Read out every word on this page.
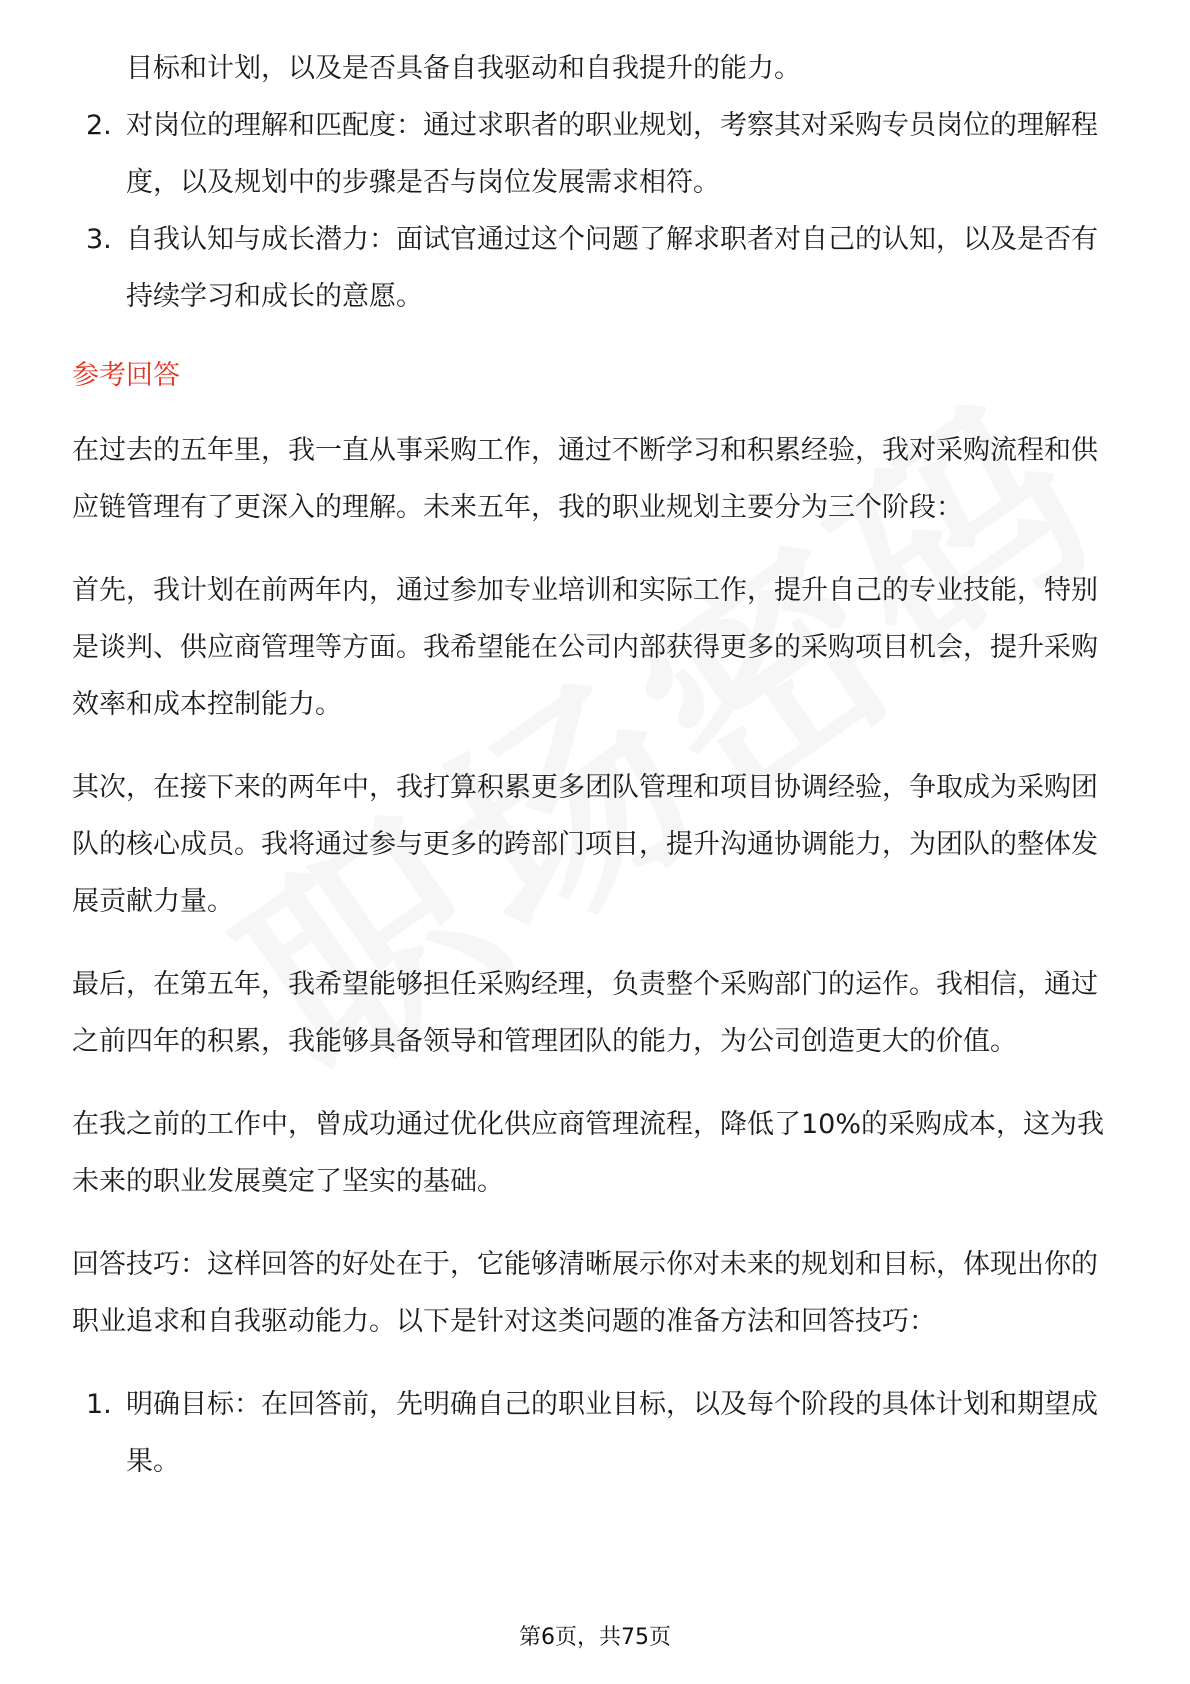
目标和计划，以及是否具备自我驱动和自我提升的能力。

2. 对岗位的理解和匹配度：通过求职者的职业规划，考察其对采购专员岗位的理解程度，以及规划中的步骤是否与岗位发展需求相符。
3. 自我认知与成长潜力：面试官通过这个问题了解求职者对自己的认知，以及是否有持续学习和成长的意愿。
参考回答

在过去的五年里，我一直从事采购工作，通过不断学习和积累经验，我对采购流程和供应链管理有了更深入的理解。未来五年，我的职业规划主要分为三个阶段：

首先，我计划在前两年内，通过参加专业培训和实际工作，提升自己的专业技能，特别是谈判、供应商管理等方面。我希望能在公司内部获得更多的采购项目机会，提升采购效率和成本控制能力。

其次，在接下来的两年中，我打算积累更多团队管理和项目协调经验，争取成为采购团队的核心成员。我将通过参与更多的跨部门项目，提升沟通协调能力，为团队的整体发展贡献力量。

最后，在第五年，我希望能够担任采购经理，负责整个采购部门的运作。我相信，通过之前四年的积累，我能够具备领导和管理团队的能力，为公司创造更大的价值。

在我之前的工作中，曾成功通过优化供应商管理流程，降低了10%的采购成本，这为我未来的职业发展奠定了坚实的基础。

回答技巧：这样回答的好处在于，它能够清晰展示你对未来的规划和目标，体现出你的职业追求和自我驱动能力。以下是针对这类问题的准备方法和回答技巧：

1. 明确目标：在回答前，先明确自己的职业目标，以及每个阶段的具体计划和期望成果。
第6页，共75页
